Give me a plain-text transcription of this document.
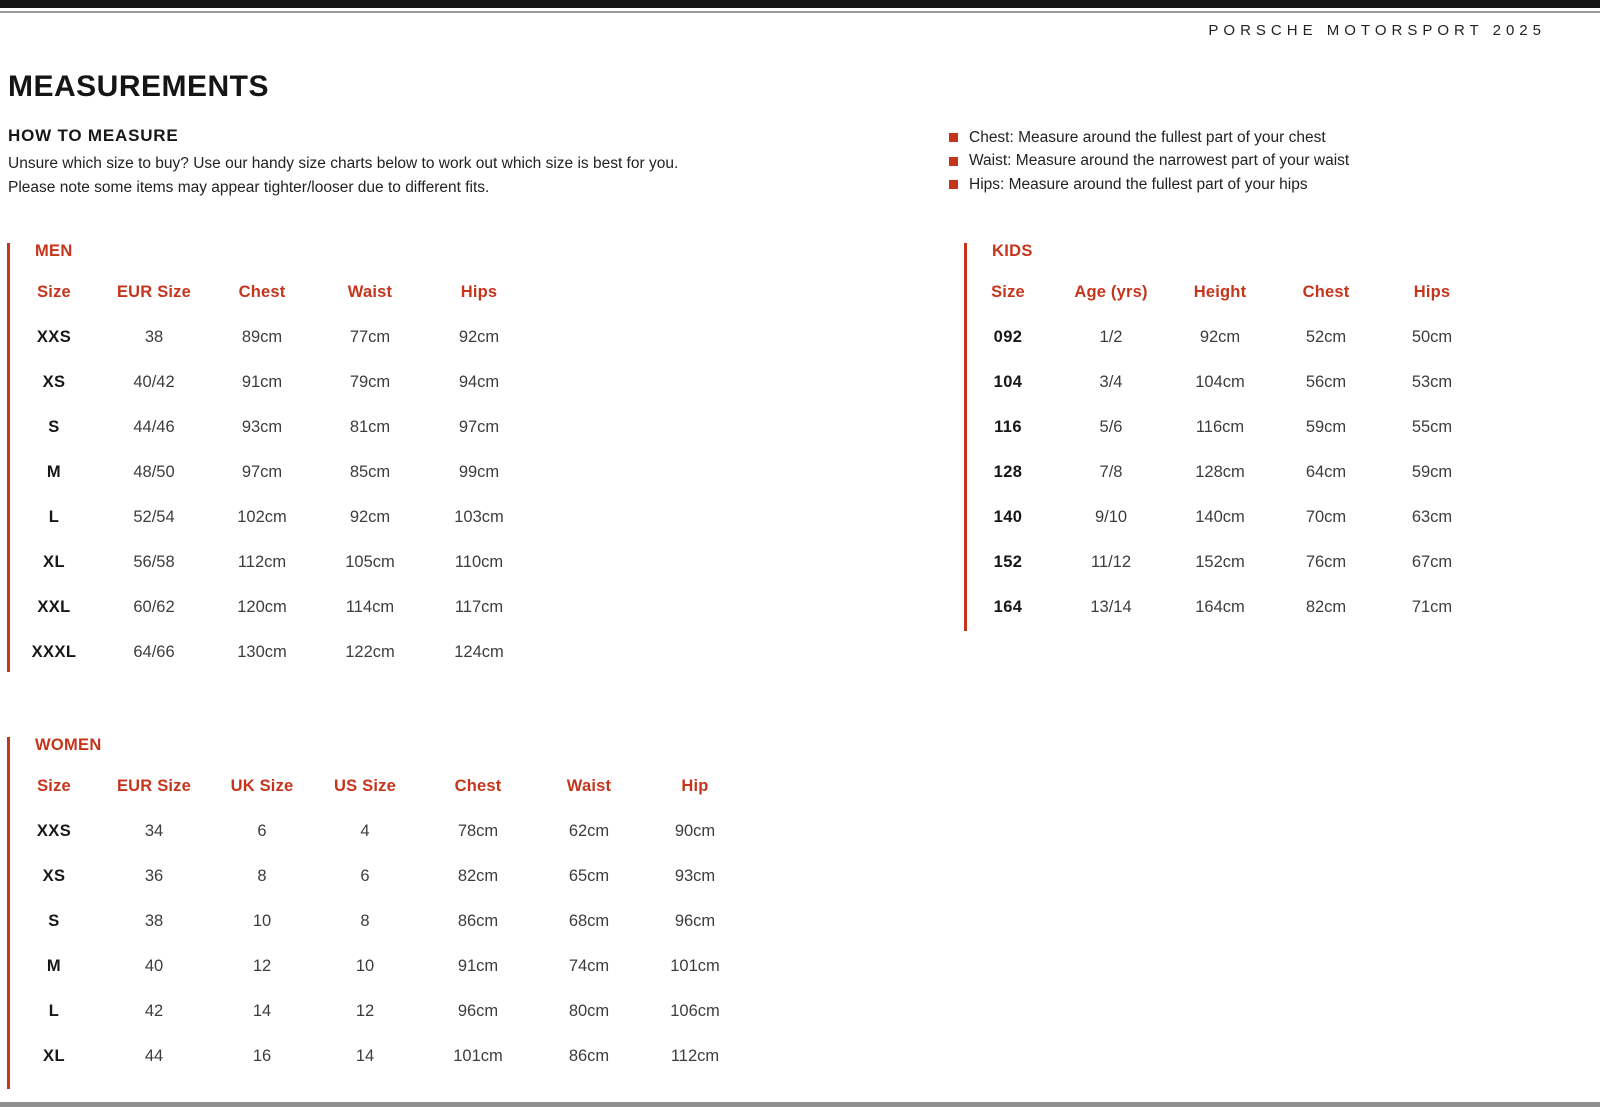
PORSCHE MOTORSPORT 2025
MEASUREMENTS
HOW TO MEASURE
Unsure which size to buy? Use our handy size charts below to work out which size is best for you.
Please note some items may appear tighter/looser due to different fits.
Chest: Measure around the fullest part of your chest
Waist: Measure around the narrowest part of your waist
Hips: Measure around the fullest part of your hips
MEN
Size	EUR Size	Chest	Waist	Hips
XXS	38	89cm	77cm	92cm
XS	40/42	91cm	79cm	94cm
S	44/46	93cm	81cm	97cm
M	48/50	97cm	85cm	99cm
L	52/54	102cm	92cm	103cm
XL	56/58	112cm	105cm	110cm
XXL	60/62	120cm	114cm	117cm
XXXL	64/66	130cm	122cm	124cm
KIDS
Size	Age (yrs)	Height	Chest	Hips
092	1/2	92cm	52cm	50cm
104	3/4	104cm	56cm	53cm
116	5/6	116cm	59cm	55cm
128	7/8	128cm	64cm	59cm
140	9/10	140cm	70cm	63cm
152	11/12	152cm	76cm	67cm
164	13/14	164cm	82cm	71cm
WOMEN
Size	EUR Size	UK Size	US Size	Chest	Waist	Hip
XXS	34	6	4	78cm	62cm	90cm
XS	36	8	6	82cm	65cm	93cm
S	38	10	8	86cm	68cm	96cm
M	40	12	10	91cm	74cm	101cm
L	42	14	12	96cm	80cm	106cm
XL	44	16	14	101cm	86cm	112cm
